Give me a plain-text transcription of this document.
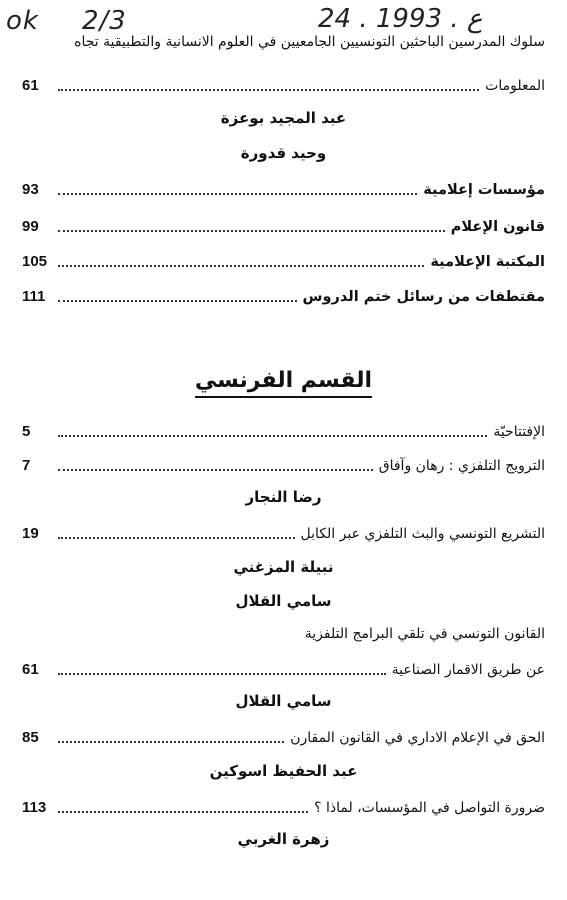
ok 2/3	24 . ع . 1993
سلوك المدرسين الباحثين التونسيين الجامعيين في العلوم الانسانية والتطبيقية تجاه
المعلومات
61
عبد المجيد بوعزة
وحيد قدورة
مؤسسات إعلامية
93
قانون الإعلام
99
المكتبة الإعلامية
105
مقتطفات من رسائل ختم الدروس
111
القسم الفرنسي
الإفتتاحيّة
5
الترويج التلفزي : رهان وآفاق
7
رضا النجار
التشريع التونسي والبث التلفزي عبر الكابل
19
نبيلة المزغني
سامي القلال
القانون التونسي في تلقي البرامج التلفزية
عن طريق الاقمار الصناعية
61
سامي القلال
الحق في الإعلام الاداري في القانون المقارن
85
عبد الحفيظ اسوكين
ضرورة التواصل في المؤسسات، لماذا ؟
113
زهرة الغربي
